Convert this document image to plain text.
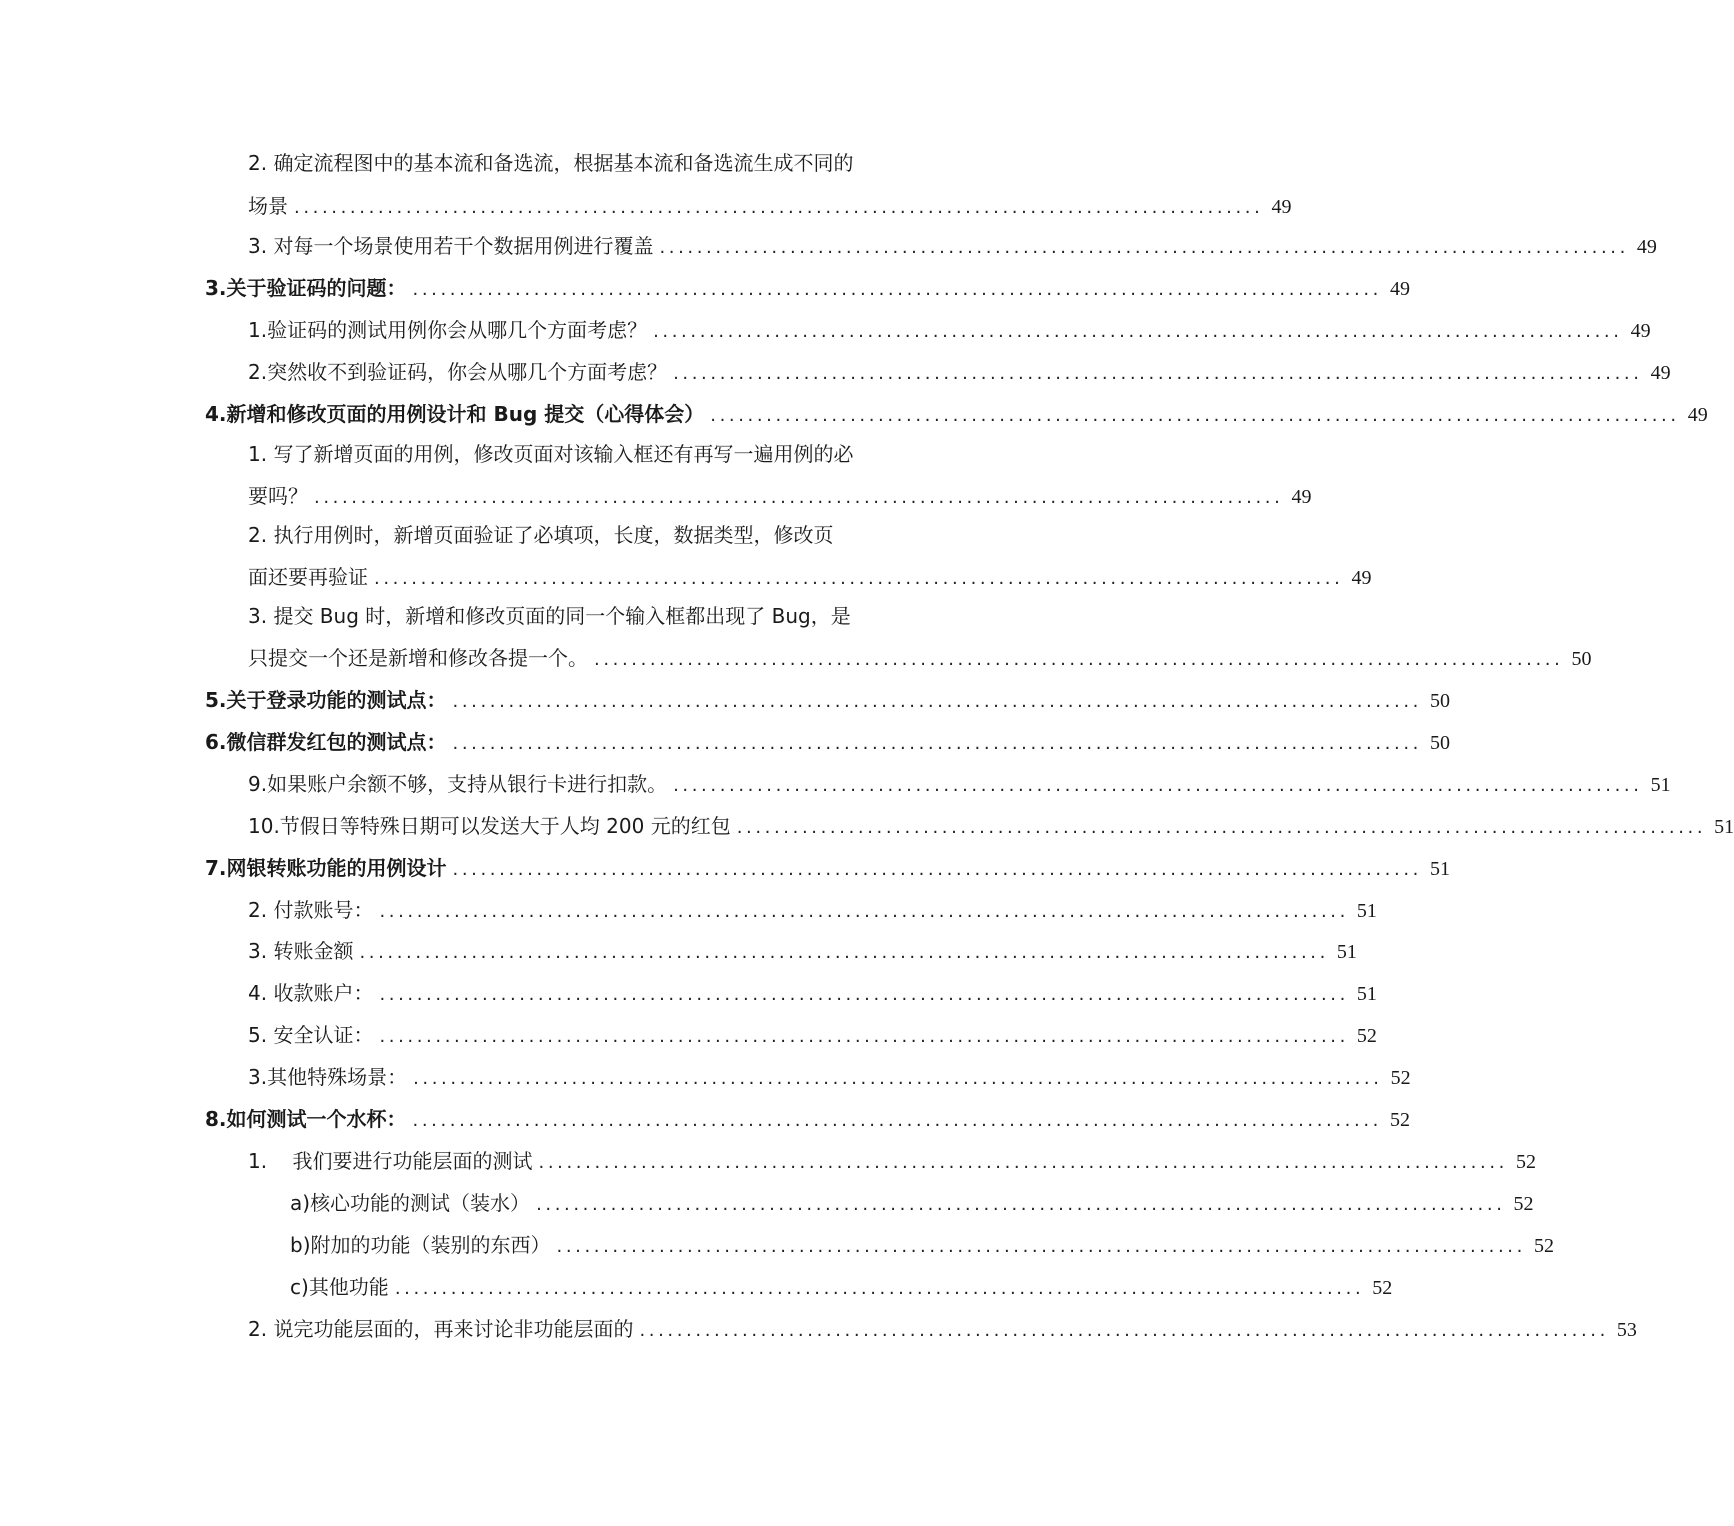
2. 确定流程图中的基本流和备选流，根据基本流和备选流生成不同的
场景 ........................................................................................................ 49
3. 对每一个场景使用若干个数据用例进行覆盖 ........................................................................................................ 49
3.关于验证码的问题： ........................................................................................................ 49
1.验证码的测试用例你会从哪几个方面考虑？ ........................................................................................................ 49
2.突然收不到验证码，你会从哪几个方面考虑？ ........................................................................................................ 49
4.新增和修改页面的用例设计和 Bug 提交（心得体会） ........................................................................................................ 49
1. 写了新增页面的用例，修改页面对该输入框还有再写一遍用例的必
要吗？ ........................................................................................................ 49
2. 执行用例时，新增页面验证了必填项，长度，数据类型，修改页
面还要再验证 ........................................................................................................ 49
3. 提交 Bug 时，新增和修改页面的同一个输入框都出现了 Bug，是
只提交一个还是新增和修改各提一个。 ........................................................................................................ 50
5.关于登录功能的测试点： ........................................................................................................ 50
6.微信群发红包的测试点： ........................................................................................................ 50
9.如果账户余额不够，支持从银行卡进行扣款。 ........................................................................................................ 51
10.节假日等特殊日期可以发送大于人均 200 元的红包 ........................................................................................................ 51
7.网银转账功能的用例设计 ........................................................................................................ 51
2. 付款账号： ........................................................................................................ 51
3. 转账金额 ........................................................................................................ 51
4. 收款账户： ........................................................................................................ 51
5. 安全认证： ........................................................................................................ 52
3.其他特殊场景： ........................................................................................................ 52
8.如何测试一个水杯： ........................................................................................................ 52
1.    我们要进行功能层面的测试 ........................................................................................................ 52
a) 核心功能的测试（装水） ........................................................................................................ 52
b) 附加的功能（装别的东西） ........................................................................................................ 52
c) 其他功能 ........................................................................................................ 52
2. 说完功能层面的，再来讨论非功能层面的 ........................................................................................................ 53
